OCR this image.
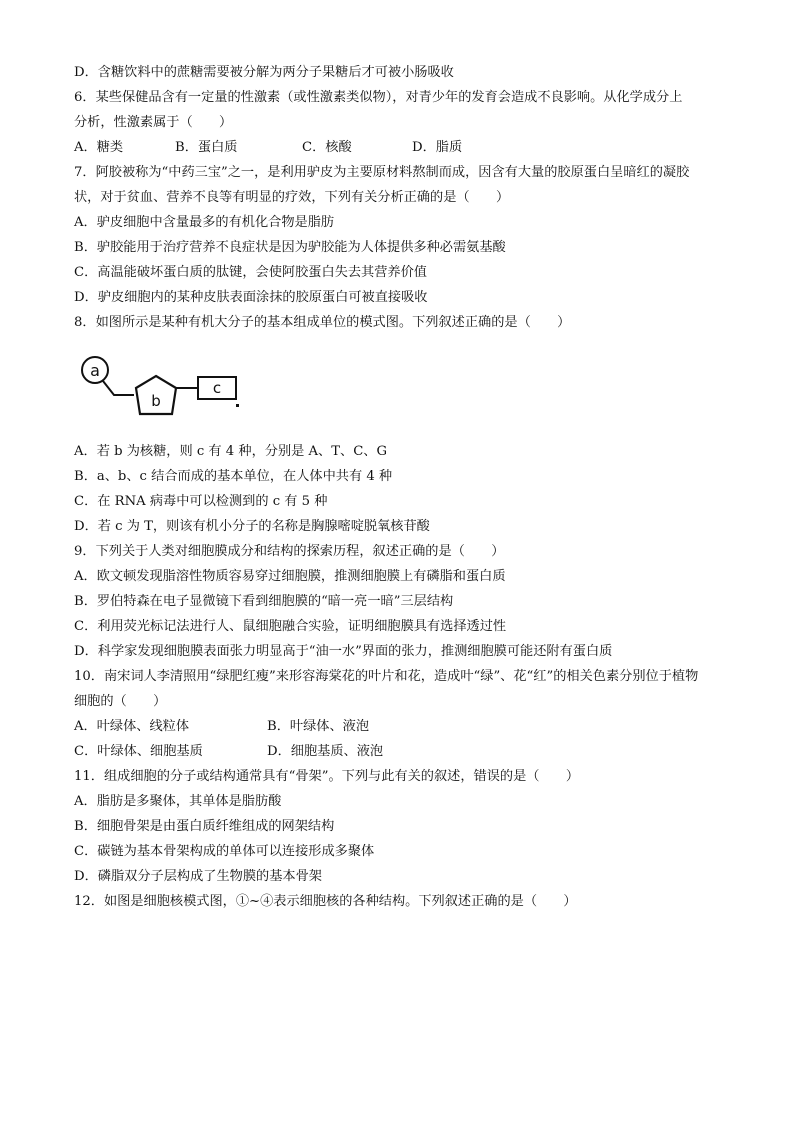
D．含糖饮料中的蔗糖需要被分解为两分子果糖后才可被小肠吸收
6．某些保健品含有一定量的性激素（或性激素类似物），对青少年的发育会造成不良影响。从化学成分上
分析，性激素属于（　　）
A．糖类	B．蛋白质	C．核酸	D．脂质
7．阿胶被称为“中药三宝”之一，是利用驴皮为主要原材料熬制而成，因含有大量的胶原蛋白呈暗红的凝胶
状，对于贫血、营养不良等有明显的疗效，下列有关分析正确的是（　　）
A．驴皮细胞中含量最多的有机化合物是脂肪
B．驴胶能用于治疗营养不良症状是因为驴胶能为人体提供多种必需氨基酸
C．高温能破坏蛋白质的肽键，会使阿胶蛋白失去其营养价值
D．驴皮细胞内的某种皮肤表面涂抹的胶原蛋白可被直接吸收
8．如图所示是某种有机大分子的基本组成单位的模式图。下列叙述正确的是（　　）
a
b
c
A．若 b 为核糖，则 c 有 4 种，分别是 A、T、C、G
B．a、b、c 结合而成的基本单位，在人体中共有 4 种
C．在 RNA 病毒中可以检测到的 c 有 5 种
D．若 c 为 T，则该有机小分子的名称是胸腺嘧啶脱氧核苷酸
9．下列关于人类对细胞膜成分和结构的探索历程，叙述正确的是（　　）
A．欧文顿发现脂溶性物质容易穿过细胞膜，推测细胞膜上有磷脂和蛋白质
B．罗伯特森在电子显微镜下看到细胞膜的“暗一亮一暗”三层结构
C．利用荧光标记法进行人、鼠细胞融合实验，证明细胞膜具有选择透过性
D．科学家发现细胞膜表面张力明显高于“油一水”界面的张力，推测细胞膜可能还附有蛋白质
10．南宋词人李清照用“绿肥红瘦”来形容海棠花的叶片和花，造成叶“绿”、花“红”的相关色素分别位于植物
细胞的（　　）
A．叶绿体、线粒体	B．叶绿体、液泡
C．叶绿体、细胞基质	D．细胞基质、液泡
11．组成细胞的分子或结构通常具有“骨架”。下列与此有关的叙述，错误的是（　　）
A．脂肪是多聚体，其单体是脂肪酸
B．细胞骨架是由蛋白质纤维组成的网架结构
C．碳链为基本骨架构成的单体可以连接形成多聚体
D．磷脂双分子层构成了生物膜的基本骨架
12．如图是细胞核模式图，①~④表示细胞核的各种结构。下列叙述正确的是（　　）
